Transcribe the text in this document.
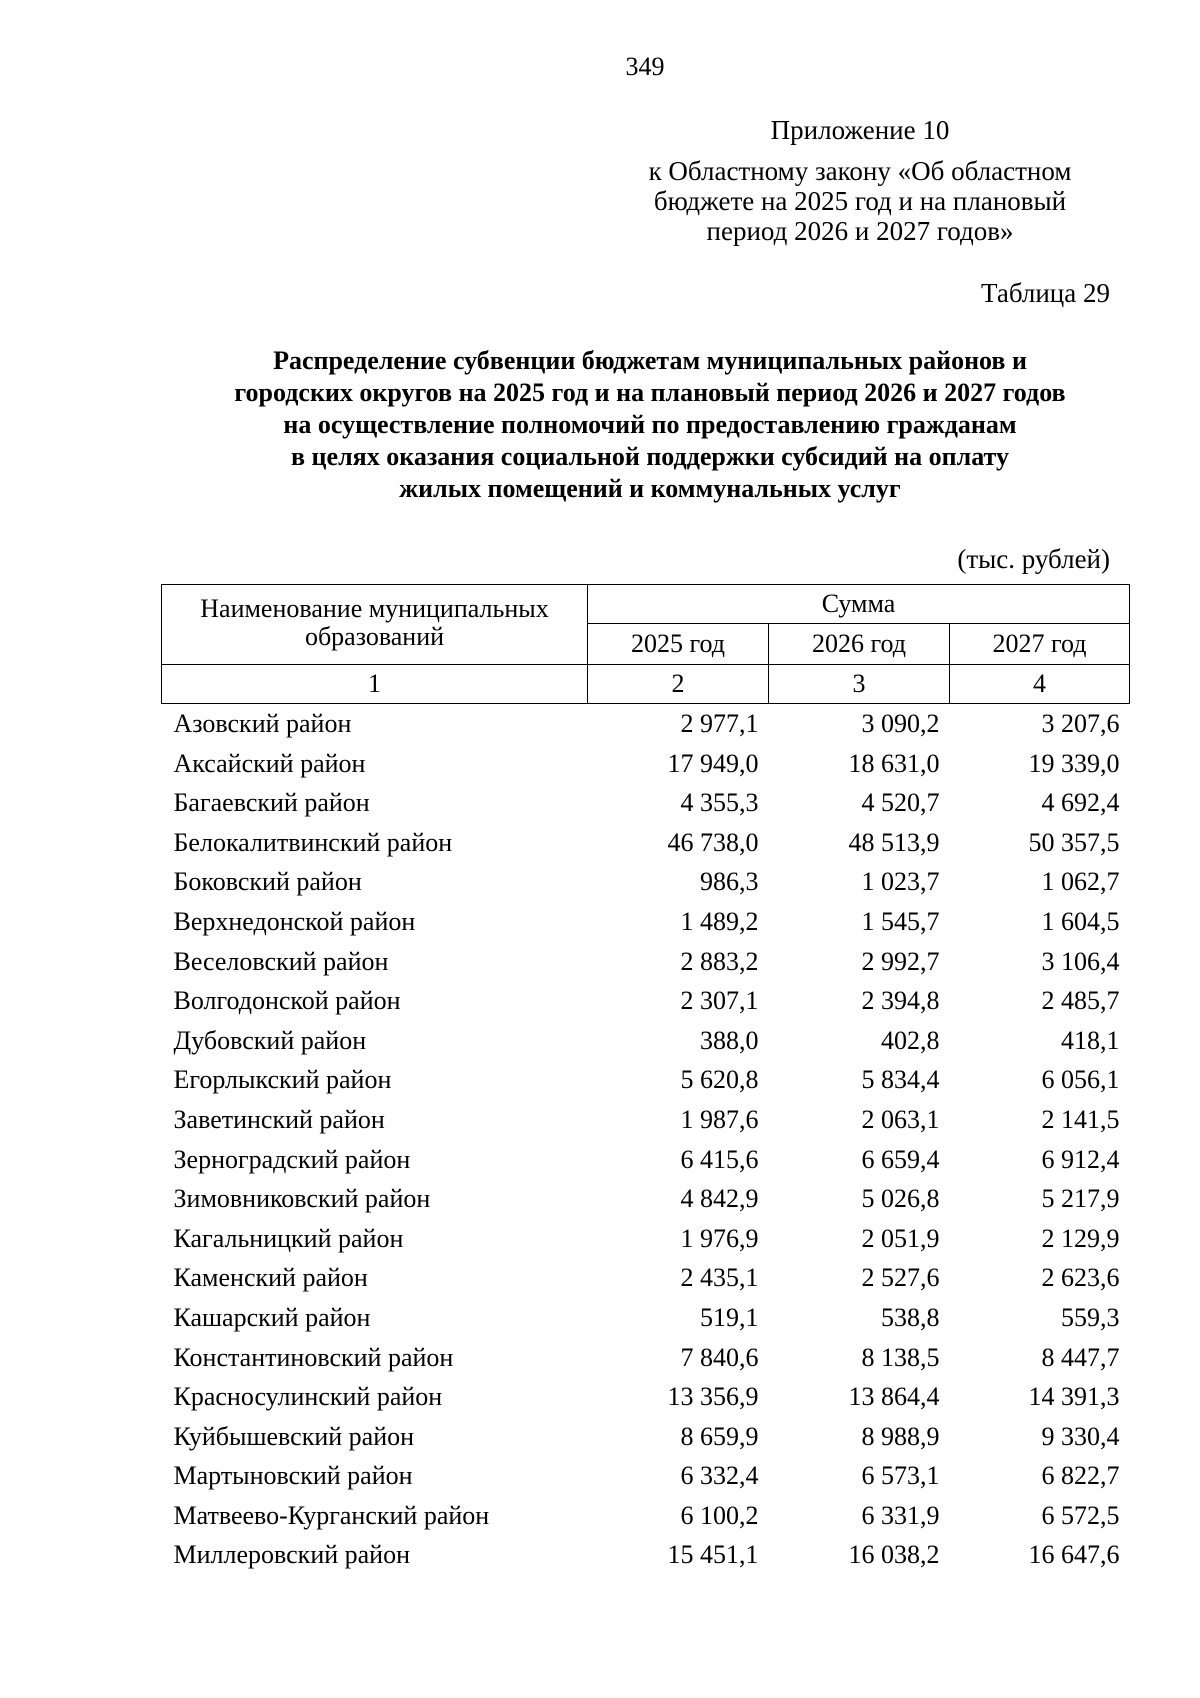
349
Приложение 10
к Областному закону «Об областном
бюджете на 2025 год и на плановый
период 2026 и 2027 годов»
Таблица 29
Распределение субвенции бюджетам муниципальных районов и
городских округов на 2025 год и на плановый период 2026 и 2027 годов
на осуществление полномочий по предоставлению гражданам
в целях оказания социальной поддержки субсидий на оплату
жилых помещений и коммунальных услуг
(тыс. рублей)
Наименование муниципальных образований	Сумма		
	2025 год	2026 год	2027 год
1	2	3	4
Азовский район	2 977,1	3 090,2	3 207,6
Аксайский район	17 949,0	18 631,0	19 339,0
Багаевский район	4 355,3	4 520,7	4 692,4
Белокалитвинский район	46 738,0	48 513,9	50 357,5
Боковский район	986,3	1 023,7	1 062,7
Верхнедонской район	1 489,2	1 545,7	1 604,5
Веселовский район	2 883,2	2 992,7	3 106,4
Волгодонской район	2 307,1	2 394,8	2 485,7
Дубовский район	388,0	402,8	418,1
Егорлыкский район	5 620,8	5 834,4	6 056,1
Заветинский район	1 987,6	2 063,1	2 141,5
Зерноградский район	6 415,6	6 659,4	6 912,4
Зимовниковский район	4 842,9	5 026,8	5 217,9
Кагальницкий район	1 976,9	2 051,9	2 129,9
Каменский район	2 435,1	2 527,6	2 623,6
Кашарский район	519,1	538,8	559,3
Константиновский район	7 840,6	8 138,5	8 447,7
Красносулинский район	13 356,9	13 864,4	14 391,3
Куйбышевский район	8 659,9	8 988,9	9 330,4
Мартыновский район	6 332,4	6 573,1	6 822,7
Матвеево-Курганский район	6 100,2	6 331,9	6 572,5
Миллеровский район	15 451,1	16 038,2	16 647,6
